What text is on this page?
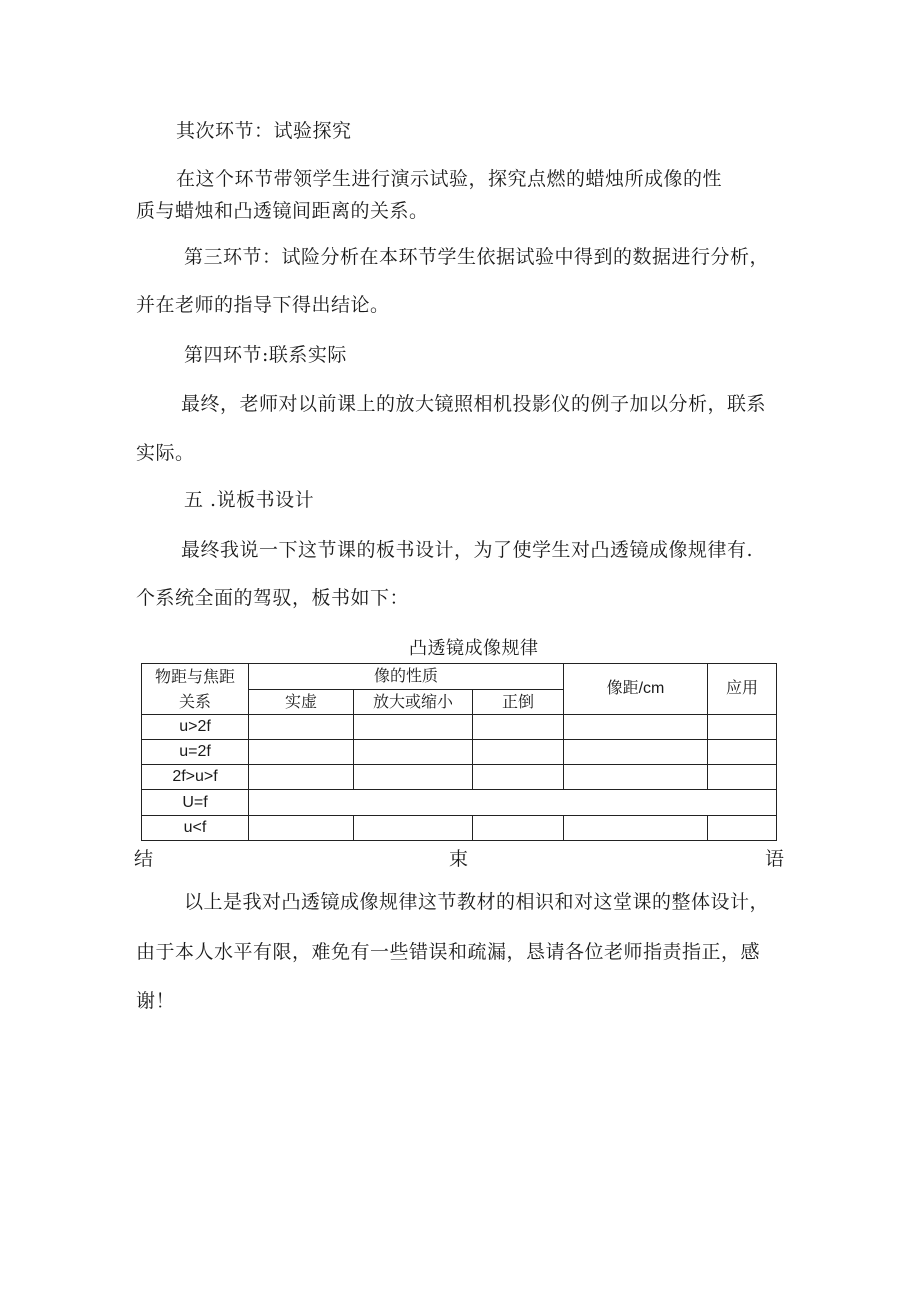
其次环节：试验探究
在这个环节带领学生进行演示试验，探究点燃的蜡烛所成像的性
质与蜡烛和凸透镜间距离的关系。
第三环节：试险分析在本环节学生依据试验中得到的数据进行分析，
并在老师的指导下得出结论。
第四环节:联系实际
最终，老师对以前课上的放大镜照相机投影仪的例子加以分析，联系
实际。
五 .说板书设计
最终我说一下这节课的板书设计，为了使学生对凸透镜成像规律有.
个系统全面的驾驭，板书如下：
凸透镜成像规律
物距与焦距
关系	像的性质			像距/cm	应用
	实虚	放大或缩小	正倒		
u>2f					
u=2f					
2f>u>f					
U=f					
u<f					
结	束	语
以上是我对凸透镜成像规律这节教材的相识和对这堂课的整体设计，
由于本人水平有限，难免有一些错误和疏漏，恳请各位老师指责指正，感
谢！
